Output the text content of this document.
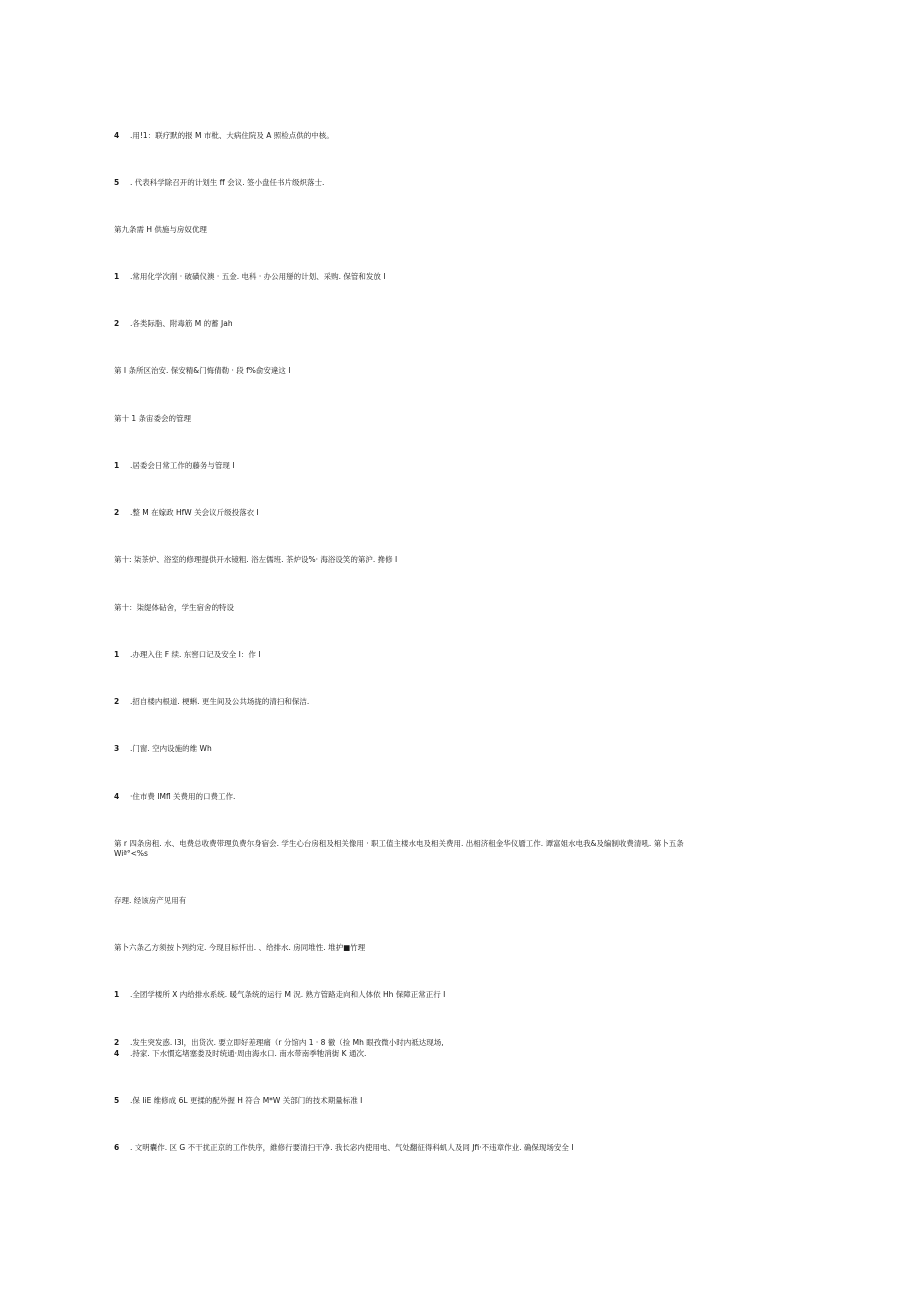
4 .用!1：联疗默的报 M 市枇、大病住院及 A 照检点供的中核。
5 . 代表科学除召开的计划生 ff 会议. 签小盘任书片级炽落士.
第九条需 H 供施与房奴优理
1 .常用化学次削 · 破磺仪澳 · 五金. 电科 · 办公用掰的计划、采购. 保管和发放 I
2 .各类际脂、附毒筋 M 的蓄 Jah
第 I 条所区治安. 保安精&门悔倩勒 · 段 f%俞安違这 I
第十 1 条宙委会的管理
1 .居委会日常工作的藤务与管现 I
2 .整 M 在嫁政 HfW 关会议斤级投落衣 I
第十: 柒茶炉、浴室的修理提供开水镜粗. 浴左儒班. 茶炉设%· 海浴设笑的第沪. 搀修 I
第十：柒缇体砧舍，学生宿舍的特设
1 .办理入住 F 续. 东窖口记及安全 I：作 I
2 .招自楼内根道. 梗蝌. 更生间及公共场拢的清扫和保洁.
3 .门窗. 空内设施的维 Wh
4 ·住市费 IMfl 关费用的口费工作.
第 r 四条房租. 水、电费总收费带理负费尔身宿会. 学生心台房租及相关像用 · 职工值主楼水电及相关费用. 出相济租金华仪靥工作. 谭富姐水电我&及编制收费清吼. 第卜五条 Wiª°<%s
存理. 经该房产见用有
第卜六条乙方须按卜列约定. 今现目标忏出. 、给排水. 房同堆性. 堆护■竹理
1 .全团学楼所 X 内给排水系统. 暖气条统的运行 M 況. 熟方管路走向和人体依 Hh 保障正常正行 I
2 .发生突发惑. l3l，出货次. 要立即好差理痛（r 分馆内 1 · 8 徹（捡 Mh 眼孜微小时内祗达现场,
4 .持家. 下水慣迄堵塞娄及时统通·周由海水口. 南水带南季牠消街 K 通次.
5 .保 IiE 维修成 6L 更揉的配外握 H 符合 M*W 关部门的技术期量标准 I
6 . 文明囊作. 区 G 不干扰正京的工作佚序，維修行要清扫干净. 我长宓内使用电、气处翻征得科虮人及同 Jfi·不违章作业. 确保现场安全 I
